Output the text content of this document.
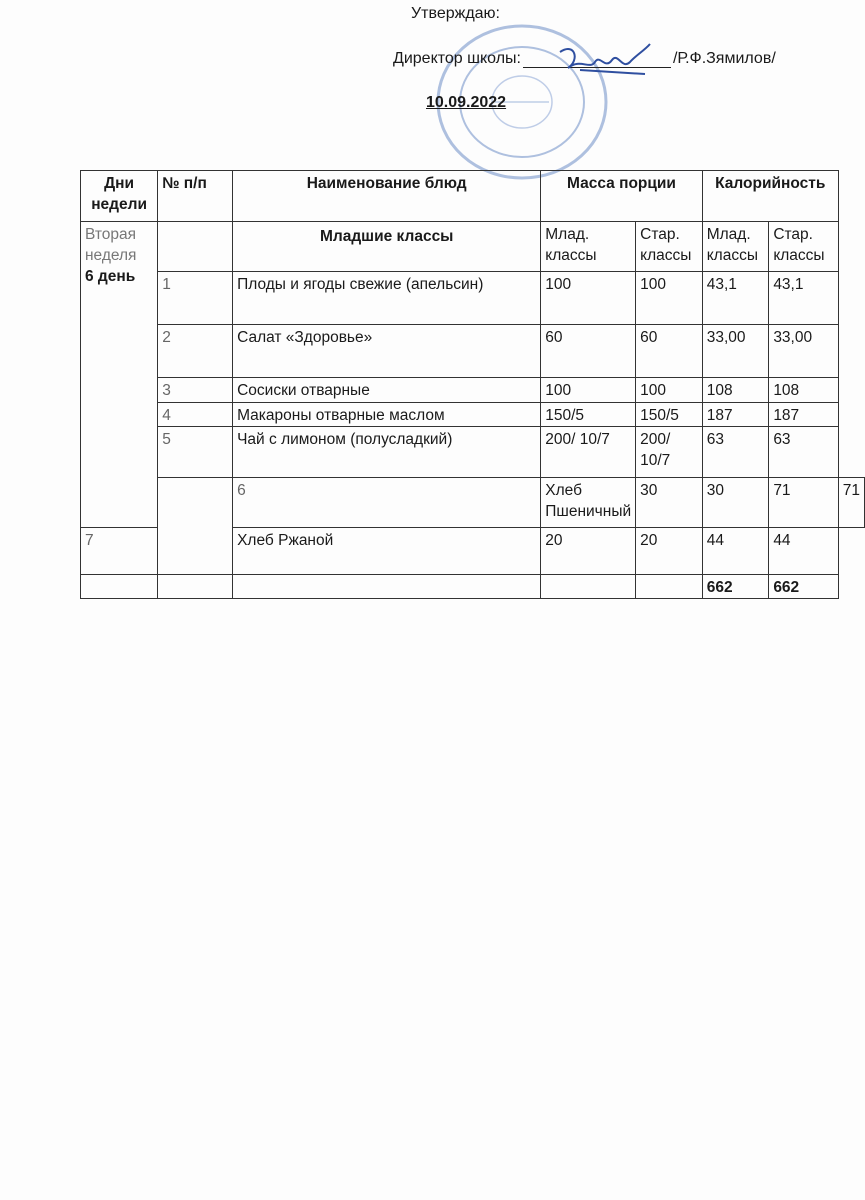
Утверждаю:
Директор школы:	/Р.Ф.Зямилов/
10.09.2022
Дни недели	№ п/п	Наименование блюд	Масса порции		Калорийность		

Вторая неделя
6 день		Младшие классы	Млад. классы	Стар. классы	Млад. классы	Стар. классы	
	1	Плоды и ягоды свежие (апельсин)	100	100	43,1	43,1	
	2	Салат «Здоровье»	60	60	33,00	33,00	
	3	Сосиски отварные	100	100	108	108	
	4	Макароны отварные маслом	150/5	150/5	187	187	
	5	Чай с лимоном (полусладкий)	200/ 10/7	200/ 10/7	63	63	
		6	Хлеб Пшеничный	30	30	71	71
7		Хлеб Ржаной	20	20	44	44	
					662	662	
